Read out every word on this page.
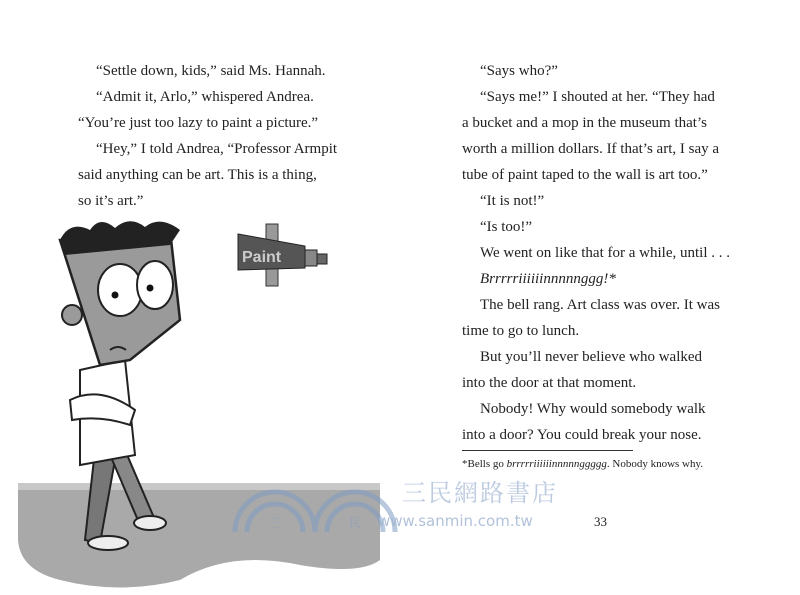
“Settle down, kids,” said Ms. Hannah.
“Admit it, Arlo,” whispered Andrea.
“You’re just too lazy to paint a picture.”
“Hey,” I told Andrea, “Professor Armpit
said anything can be art. This is a thing,
so it’s art.”
Paint
三	民
三民網路書店
www.sanmin.com.tw
“Says who?”
“Says me!” I shouted at her. “They had
a bucket and a mop in the museum that’s
worth a million dollars. If that’s art, I say a
tube of paint taped to the wall is art too.”
“It is not!”
“Is too!”
We went on like that for a while, until . . .
Brrrrriiiiiinnnnnggg!*
The bell rang. Art class was over. It was
time to go to lunch.
But you’ll never believe who walked
into the door at that moment.
Nobody! Why would somebody walk
into a door? You could break your nose.
*Bells go brrrrriiiiiinnnnnggggg. Nobody knows why.
33
